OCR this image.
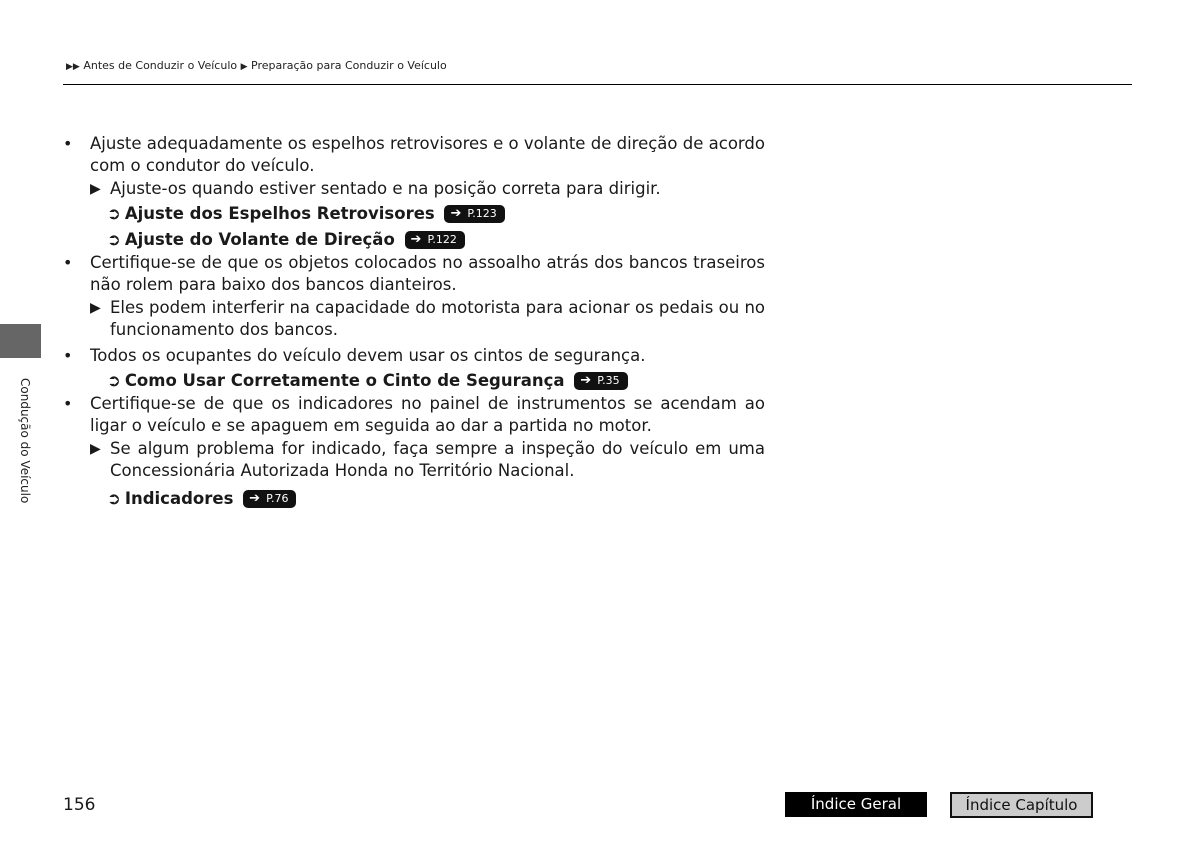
▶▶ Antes de Conduzir o Veículo ▶ Preparação para Conduzir o Veículo
Condução do Veículo
• Ajuste adequadamente os espelhos retrovisores e o volante de direção de acordo com o condutor do veículo.
▶ Ajuste-os quando estiver sentado e na posição correta para dirigir.
➲ Ajuste dos Espelhos Retrovisores ➔ P.123
➲ Ajuste do Volante de Direção ➔ P.122
• Certifique-se de que os objetos colocados no assoalho atrás dos bancos traseiros não rolem para baixo dos bancos dianteiros.
▶ Eles podem interferir na capacidade do motorista para acionar os pedais ou no funcionamento dos bancos.
• Todos os ocupantes do veículo devem usar os cintos de segurança.
➲ Como Usar Corretamente o Cinto de Segurança ➔ P.35
• Certifique-se de que os indicadores no painel de instrumentos se acendam ao ligar o veículo e se apaguem em seguida ao dar a partida no motor.
▶ Se algum problema for indicado, faça sempre a inspeção do veículo em uma Concessionária Autorizada Honda no Território Nacional.
➲ Indicadores ➔ P.76
156	Índice Geral	Índice Capítulo
